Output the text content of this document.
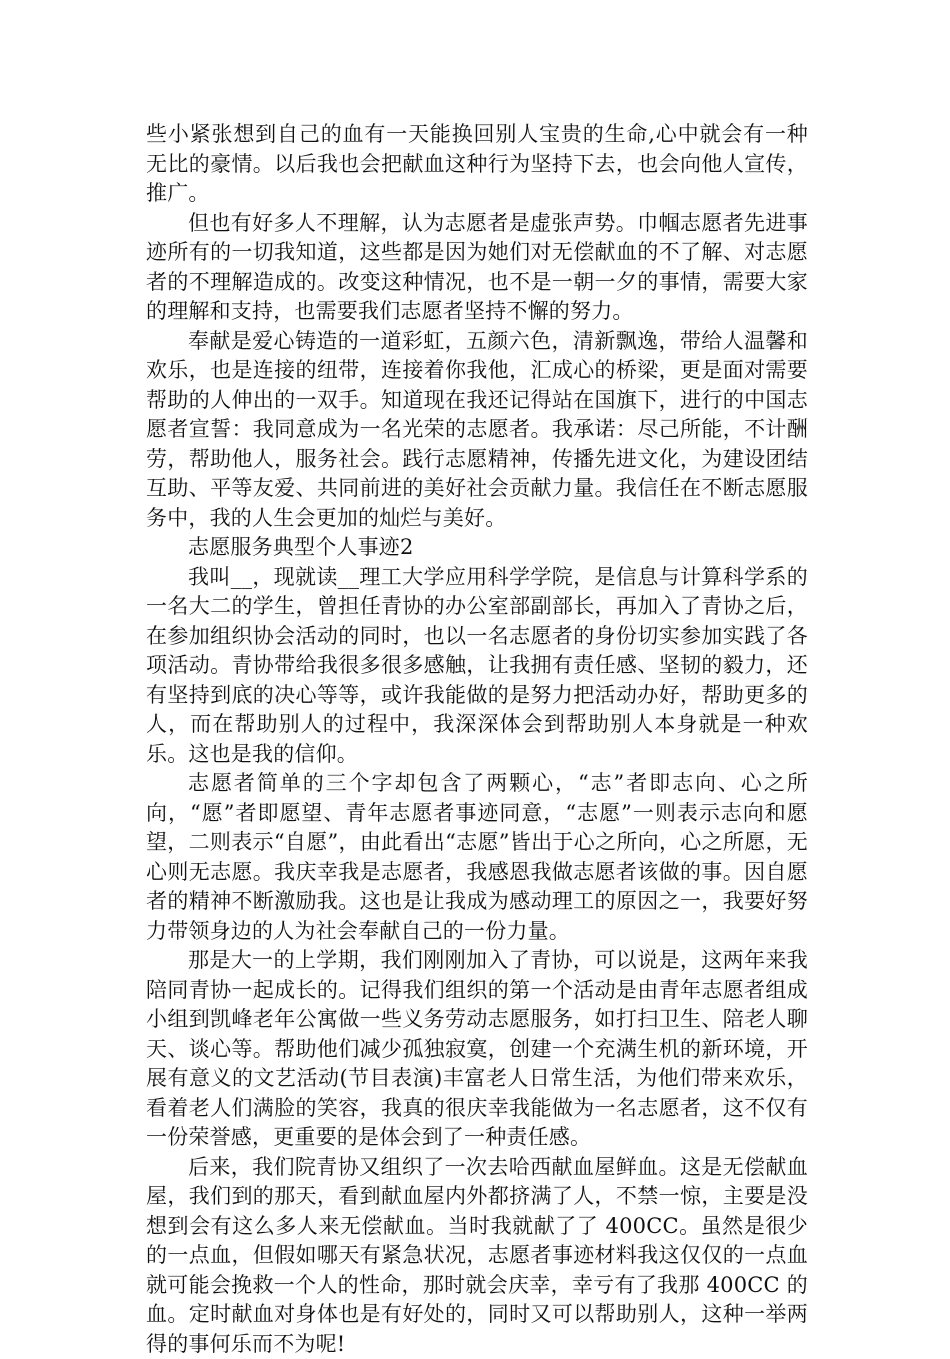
些小紧张想到自己的血有一天能换回别人宝贵的生命,心中就会有一种无比的豪情。以后我也会把献血这种行为坚持下去，也会向他人宣传，推广。

但也有好多人不理解，认为志愿者是虚张声势。巾帼志愿者先进事迹所有的一切我知道，这些都是因为她们对无偿献血的不了解、对志愿者的不理解造成的。改变这种情况，也不是一朝一夕的事情，需要大家的理解和支持，也需要我们志愿者坚持不懈的努力。

奉献是爱心铸造的一道彩虹，五颜六色，清新飘逸，带给人温馨和欢乐，也是连接的纽带，连接着你我他，汇成心的桥梁，更是面对需要帮助的人伸出的一双手。知道现在我还记得站在国旗下，进行的中国志愿者宣誓：我同意成为一名光荣的志愿者。我承诺：尽己所能，不计酬劳，帮助他人，服务社会。践行志愿精神，传播先进文化，为建设团结互助、平等友爱、共同前进的美好社会贡献力量。我信任在不断志愿服务中，我的人生会更加的灿烂与美好。

志愿服务典型个人事迹2

我叫__，现就读__理工大学应用科学学院，是信息与计算科学系的一名大二的学生，曾担任青协的办公室部副部长，再加入了青协之后，在参加组织协会活动的同时，也以一名志愿者的身份切实参加实践了各项活动。青协带给我很多很多感触，让我拥有责任感、坚韧的毅力，还有坚持到底的决心等等，或许我能做的是努力把活动办好，帮助更多的人，而在帮助别人的过程中，我深深体会到帮助别人本身就是一种欢乐。这也是我的信仰。

志愿者简单的三个字却包含了两颗心，“志”者即志向、心之所向，“愿”者即愿望、青年志愿者事迹同意，“志愿”一则表示志向和愿望，二则表示“自愿”，由此看出“志愿”皆出于心之所向，心之所愿，无心则无志愿。我庆幸我是志愿者，我感恩我做志愿者该做的事。因自愿者的精神不断激励我。这也是让我成为感动理工的原因之一，我要好努力带领身边的人为社会奉献自己的一份力量。

那是大一的上学期，我们刚刚加入了青协，可以说是，这两年来我陪同青协一起成长的。记得我们组织的第一个活动是由青年志愿者组成小组到凯峰老年公寓做一些义务劳动志愿服务，如打扫卫生、陪老人聊天、谈心等。帮助他们减少孤独寂寞，创建一个充满生机的新环境，开展有意义的文艺活动(节目表演)丰富老人日常生活，为他们带来欢乐，看着老人们满脸的笑容，我真的很庆幸我能做为一名志愿者，这不仅有一份荣誉感，更重要的是体会到了一种责任感。

后来，我们院青协又组织了一次去哈西献血屋鲜血。这是无偿献血屋，我们到的那天，看到献血屋内外都挤满了人，不禁一惊，主要是没想到会有这么多人来无偿献血。当时我就献了了 400CC。虽然是很少的一点血，但假如哪天有紧急状况，志愿者事迹材料我这仅仅的一点血就可能会挽救一个人的性命，那时就会庆幸，幸亏有了我那 400CC 的血。定时献血对身体也是有好处的，同时又可以帮助别人，这种一举两得的事何乐而不为呢!
